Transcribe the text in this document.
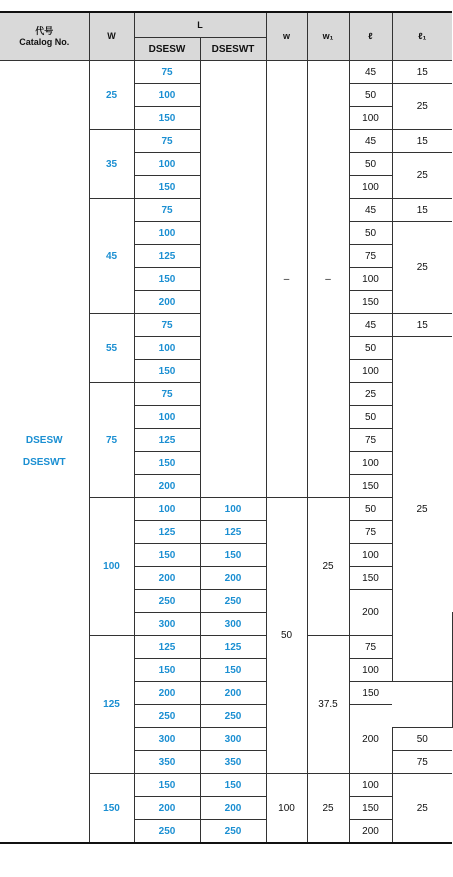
代号
Catalog No.	W	L		w	w₁	ℓ	ℓ₁	
		DSESW	DSESWT					

DSESW
DSESWT	25	75		–	–	45	15	
		100				50	25	
		150				100		
	35	75				45	15	
		100				50	25	
		150				100		
	45	75				45	15	
		100				50	25	
		125				75		
		150				100		
		200				150		
	55	75				45	15	
		100				50	25	
		150				100		
	75	75				25		
		100				50		
		125				75		
		150				100		
		200				150		
	100	100	100	50	25	50		
		125	125			75		
		150	150			100		
		200	200			150		
		250	250			200		
		300	300	
	125	125	125		37.5	75	
		150	150			100		
		200	200			150		
		250	250			200		
		300	300				50	
		350	350				75	
	150	150	150	100	25	100	25	
		200	200			150		
		250	250			200		
